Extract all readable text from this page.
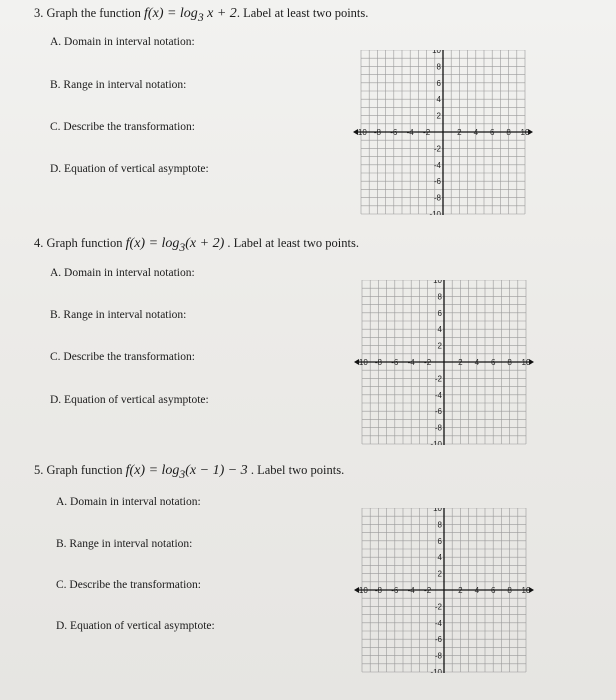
3. Graph the function $f(x) = \log_3 x + 2$. Label at least two points.
A. Domain in interval notation:
B. Range in interval notation:
C. Describe the transformation:
D. Equation of vertical asymptote:
-10 -8 -6 -4 -2	2 4 6 8 10
10
8
6
4
2
-2
-4
-6
-8
-10
4. Graph function $f(x) = \log_3(x + 2)$ . Label at least two points.
A. Domain in interval notation:
B. Range in interval notation:
C. Describe the transformation:
D. Equation of vertical asymptote:
-10 -8 -6 -4 -2	2 4 6 8 10
10
8
6
4
2
-2
-4
-6
-8
-10
5. Graph function $f(x) = \log_3(x - 1) - 3$ . Label two points.
A. Domain in interval notation:
B. Range in interval notation:
C. Describe the transformation:
D. Equation of vertical asymptote:
-10 -8 -6 -4 -2	2 4 6 8 10
10
8
6
4
2
-2
-4
-6
-8
-10
